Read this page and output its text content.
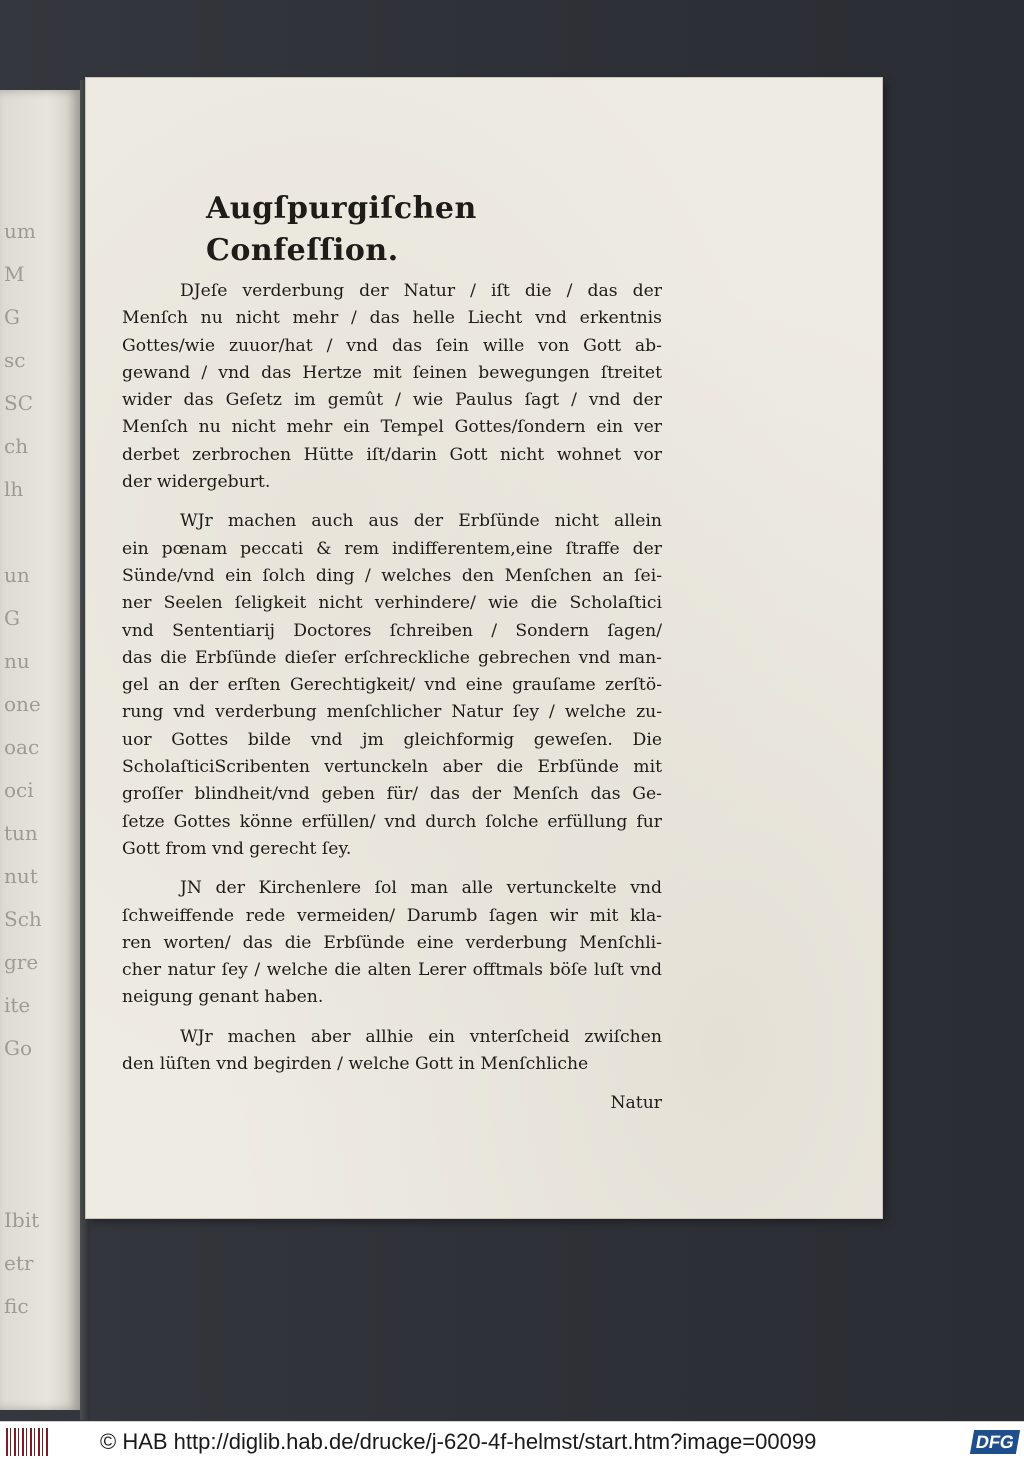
um
M
G
sc
SC
ch
lh
un
G
nu
one
oac
oci
tun
nut
Sch
gre
ite
Go
Ibit
etr
fic
Augſpurgiſchen Confeſſion.
DJeſe verderbung der Natur / iſt die / das der
Menſch nu nicht mehr / das helle Liecht vnd erkentnis
Gottes/wie zuuor/hat / vnd das ſein wille von Gott ab-
gewand / vnd das Hertze mit ſeinen bewegungen ſtreitet
wider das Geſetz im gemût / wie Paulus ſagt / vnd der
Menſch nu nicht mehr ein Tempel Gottes/ſondern ein ver
derbet zerbrochen Hütte iſt/darin Gott nicht wohnet vor
der widergeburt.
WJr machen auch aus der Erbſünde nicht allein
ein pœnam peccati & rem indifferentem,eine ſtraffe der
Sünde/vnd ein ſolch ding / welches den Menſchen an ſei-
ner Seelen ſeligkeit nicht verhindere/ wie die Scholaſtici
vnd Sententiarij Doctores ſchreiben / Sondern ſagen/
das die Erbſünde dieſer erſchreckliche gebrechen vnd man-
gel an der erſten Gerechtigkeit/ vnd eine grauſame zerſtö-
rung vnd verderbung menſchlicher Natur ſey / welche zu-
uor Gottes bilde vnd jm gleichformig geweſen. Die
ScholaſticiScribenten vertunckeln aber die Erbſünde mit
groſſer blindheit/vnd geben für/ das der Menſch das Ge-
ſetze Gottes könne erfüllen/ vnd durch ſolche erfüllung fur
Gott from vnd gerecht ſey.
JN der Kirchenlere ſol man alle vertunckelte vnd
ſchweiffende rede vermeiden/ Darumb ſagen wir mit kla-
ren worten/ das die Erbſünde eine verderbung Menſchli-
cher natur ſey / welche die alten Lerer offtmals böſe luſt vnd
neigung genant haben.
WJr machen aber allhie ein vnterſcheid zwiſchen
den lüſten vnd begirden / welche Gott in Menſchliche
Natur
© HAB http://diglib.hab.de/drucke/j-620-4f-helmst/start.htm?image=00099	DFG
